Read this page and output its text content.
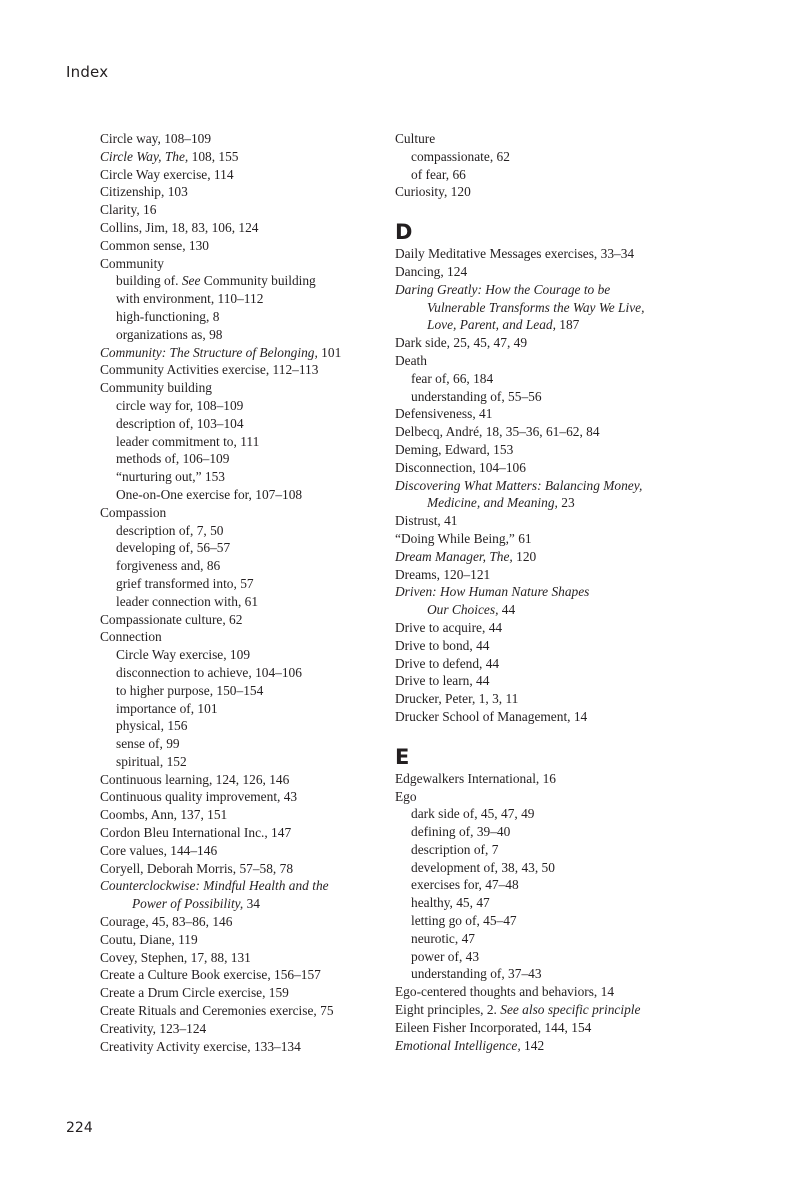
Index
Circle way, 108–109
Circle Way, The, 108, 155
Circle Way exercise, 114
Citizenship, 103
Clarity, 16
Collins, Jim, 18, 83, 106, 124
Common sense, 130
Community
building of. See Community building
with environment, 110–112
high-functioning, 8
organizations as, 98
Community: The Structure of Belonging, 101
Community Activities exercise, 112–113
Community building
circle way for, 108–109
description of, 103–104
leader commitment to, 111
methods of, 106–109
“nurturing out,” 153
One-on-One exercise for, 107–108
Compassion
description of, 7, 50
developing of, 56–57
forgiveness and, 86
grief transformed into, 57
leader connection with, 61
Compassionate culture, 62
Connection
Circle Way exercise, 109
disconnection to achieve, 104–106
to higher purpose, 150–154
importance of, 101
physical, 156
sense of, 99
spiritual, 152
Continuous learning, 124, 126, 146
Continuous quality improvement, 43
Coombs, Ann, 137, 151
Cordon Bleu International Inc., 147
Core values, 144–146
Coryell, Deborah Morris, 57–58, 78
Counterclockwise: Mindful Health and the
Power of Possibility, 34
Courage, 45, 83–86, 146
Coutu, Diane, 119
Covey, Stephen, 17, 88, 131
Create a Culture Book exercise, 156–157
Create a Drum Circle exercise, 159
Create Rituals and Ceremonies exercise, 75
Creativity, 123–124
Creativity Activity exercise, 133–134
Culture
compassionate, 62
of fear, 66
Curiosity, 120
D
Daily Meditative Messages exercises, 33–34
Dancing, 124
Daring Greatly: How the Courage to be
Vulnerable Transforms the Way We Live,
Love, Parent, and Lead, 187
Dark side, 25, 45, 47, 49
Death
fear of, 66, 184
understanding of, 55–56
Defensiveness, 41
Delbecq, André, 18, 35–36, 61–62, 84
Deming, Edward, 153
Disconnection, 104–106
Discovering What Matters: Balancing Money,
Medicine, and Meaning, 23
Distrust, 41
“Doing While Being,” 61
Dream Manager, The, 120
Dreams, 120–121
Driven: How Human Nature Shapes
Our Choices, 44
Drive to acquire, 44
Drive to bond, 44
Drive to defend, 44
Drive to learn, 44
Drucker, Peter, 1, 3, 11
Drucker School of Management, 14
E
Edgewalkers International, 16
Ego
dark side of, 45, 47, 49
defining of, 39–40
description of, 7
development of, 38, 43, 50
exercises for, 47–48
healthy, 45, 47
letting go of, 45–47
neurotic, 47
power of, 43
understanding of, 37–43
Ego-centered thoughts and behaviors, 14
Eight principles, 2. See also specific principle
Eileen Fisher Incorporated, 144, 154
Emotional Intelligence, 142
224
